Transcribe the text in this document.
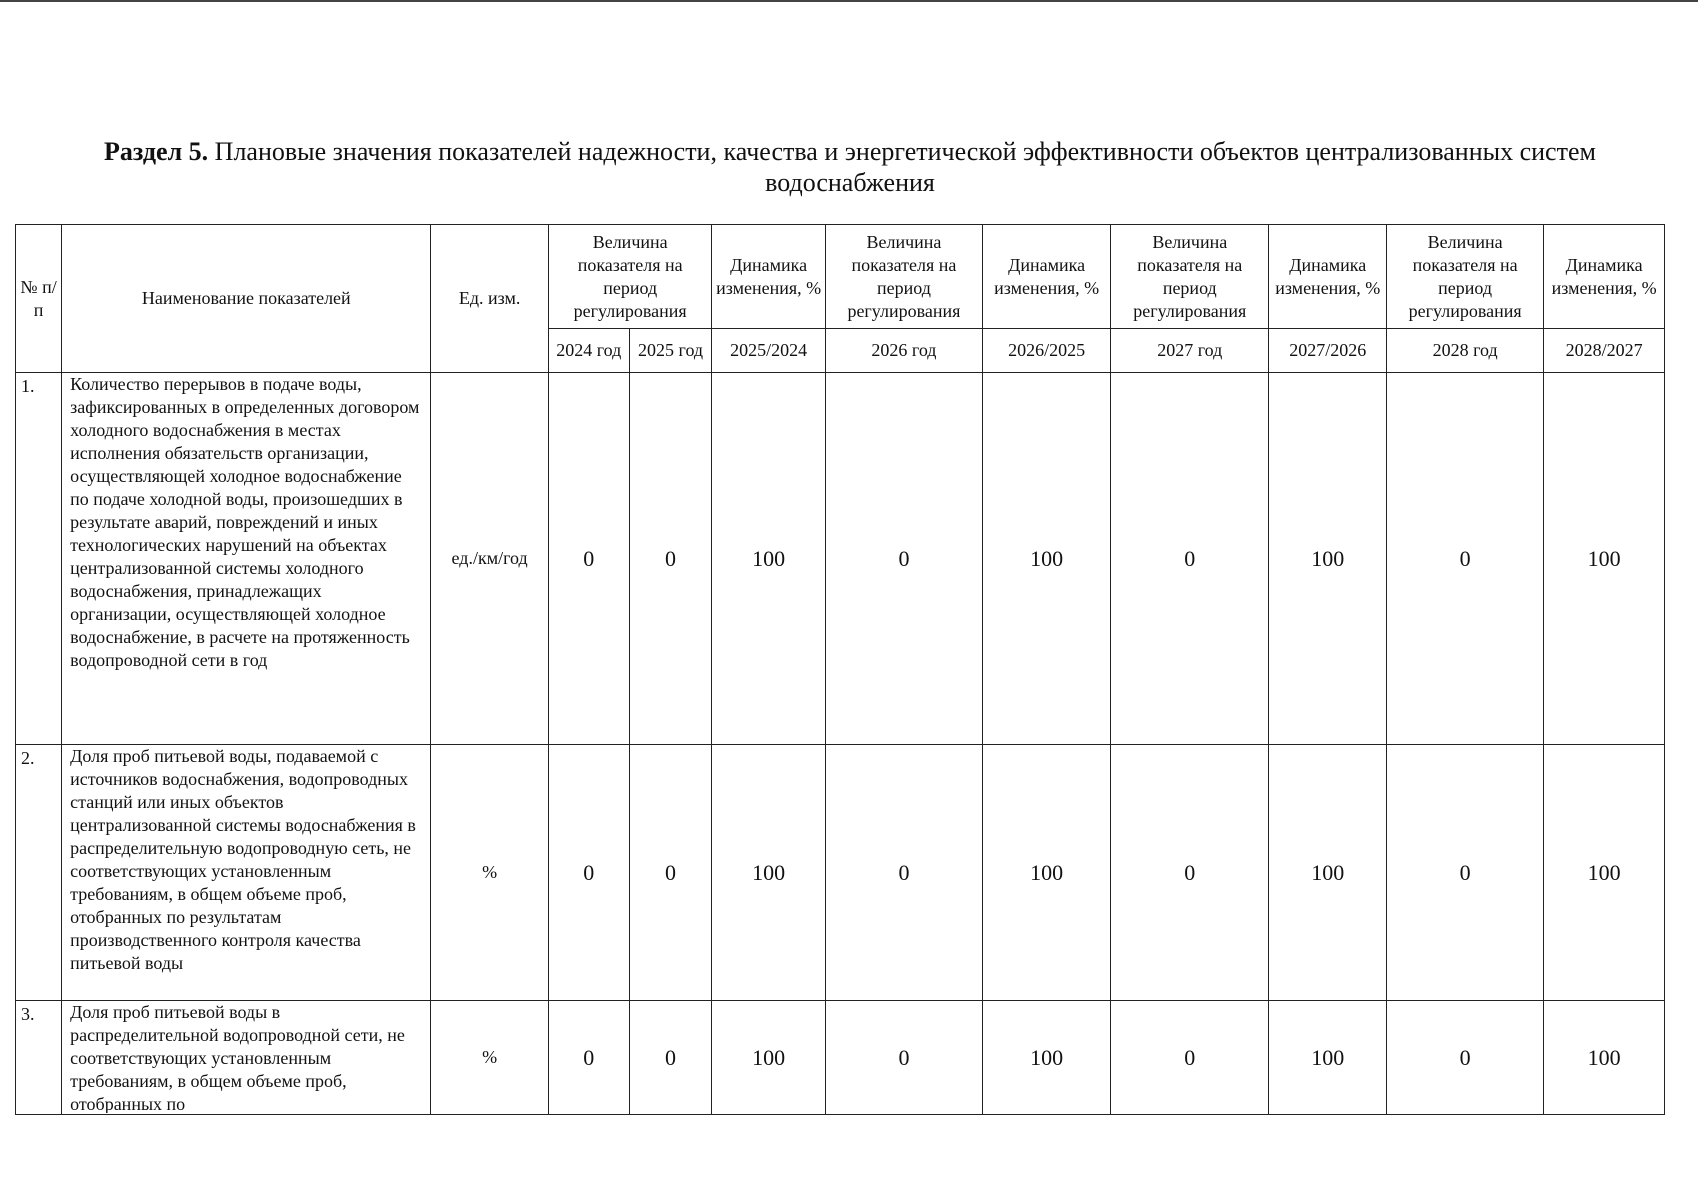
Раздел 5. Плановые значения показателей надежности, качества и энергетической эффективности объектов централизованных систем водоснабжения
№ п/п	Наименование показателей	Ед. изм.	Величина показателя на период регулирования		Динамика изменения, %	Величина показателя на период регулирования	Динамика изменения, %	Величина показателя на период регулирования	Динамика изменения, %	Величина показателя на период регулирования	Динамика изменения, %
			2024 год	2025 год	2025/2024	2026 год	2026/2025	2027 год	2027/2026	2028 год	2028/2027
1.	Количество перерывов в подаче воды, зафиксированных в определенных договором холодного водоснабжения в местах исполнения обязательств организации, осуществляющей холодное водоснабжение по подаче холодной воды, произошедших в результате аварий, повреждений и иных технологических нарушений на объектах централизованной системы холодного водоснабжения, принадлежащих организации, осуществляющей холодное водоснабжение, в расчете на протяженность водопроводной сети в год	ед./км/год	0	0	100	0	100	0	100	0	100
2.	Доля проб питьевой воды, подаваемой с источников водоснабжения, водопроводных станций или иных объектов централизованной системы водоснабжения в распределительную водопроводную сеть, не соответствующих установленным требованиям, в общем объеме проб, отобранных по результатам производственного контроля качества питьевой воды	%	0	0	100	0	100	0	100	0	100
3.	Доля проб питьевой воды в распределительной водопроводной сети, не соответствующих установленным требованиям, в общем объеме проб, отобранных по	%	0	0	100	0	100	0	100	0	100
